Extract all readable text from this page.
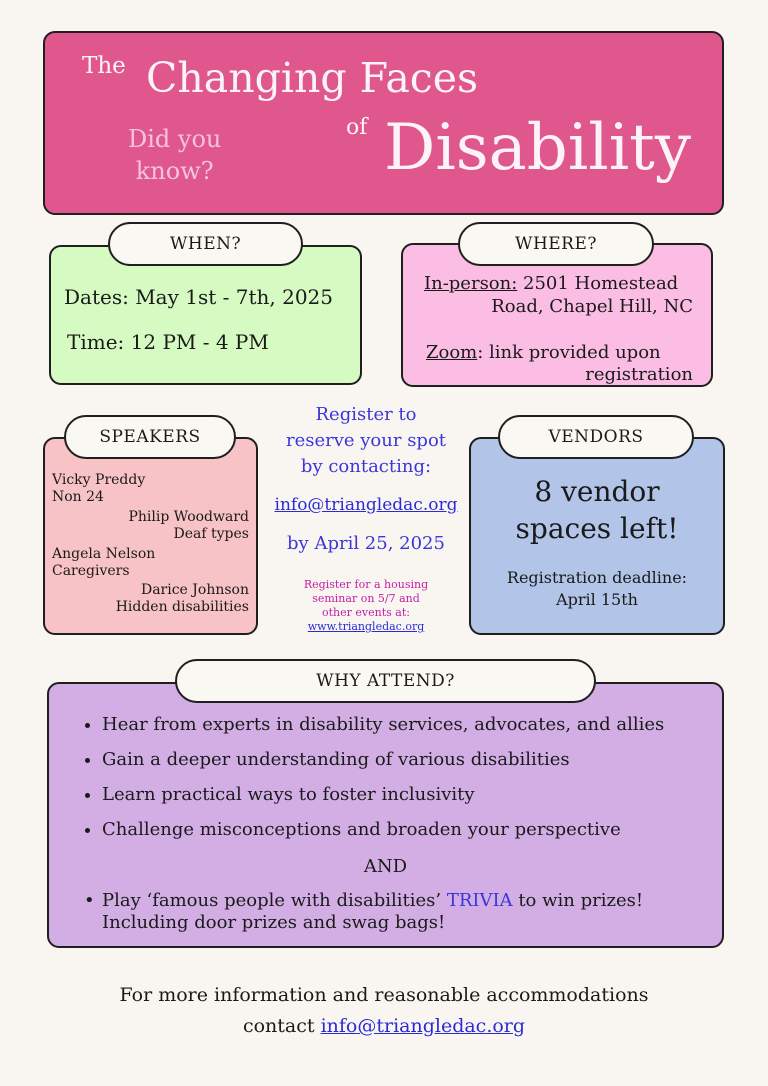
The Changing Faces
Did you
know?
of Disability
WHEN?
Dates: May 1st - 7th, 2025
Time: 12 PM - 4 PM
WHERE?
In-person: 2501 Homestead
Road, Chapel Hill, NC
Zoom: link provided upon
registration
SPEAKERS
Vicky Preddy
Non 24
Philip Woodward
Deaf types
Angela Nelson
Caregivers
Darice Johnson
Hidden disabilities
Register to
reserve your spot
by contacting:
info@triangledac.org
by April 25, 2025
Register for a housing
seminar on 5/7 and
other events at:
www.triangledac.org
VENDORS
8 vendor
spaces left!
Registration deadline:
April 15th
WHY ATTEND?
• Hear from experts in disability services, advocates, and allies
• Gain a deeper understanding of various disabilities
• Learn practical ways to foster inclusivity
• Challenge misconceptions and broaden your perspective
AND
• Play ‘famous people with disabilities’ TRIVIA to win prizes!
Including door prizes and swag bags!
For more information and reasonable accommodations
contact info@triangledac.org
